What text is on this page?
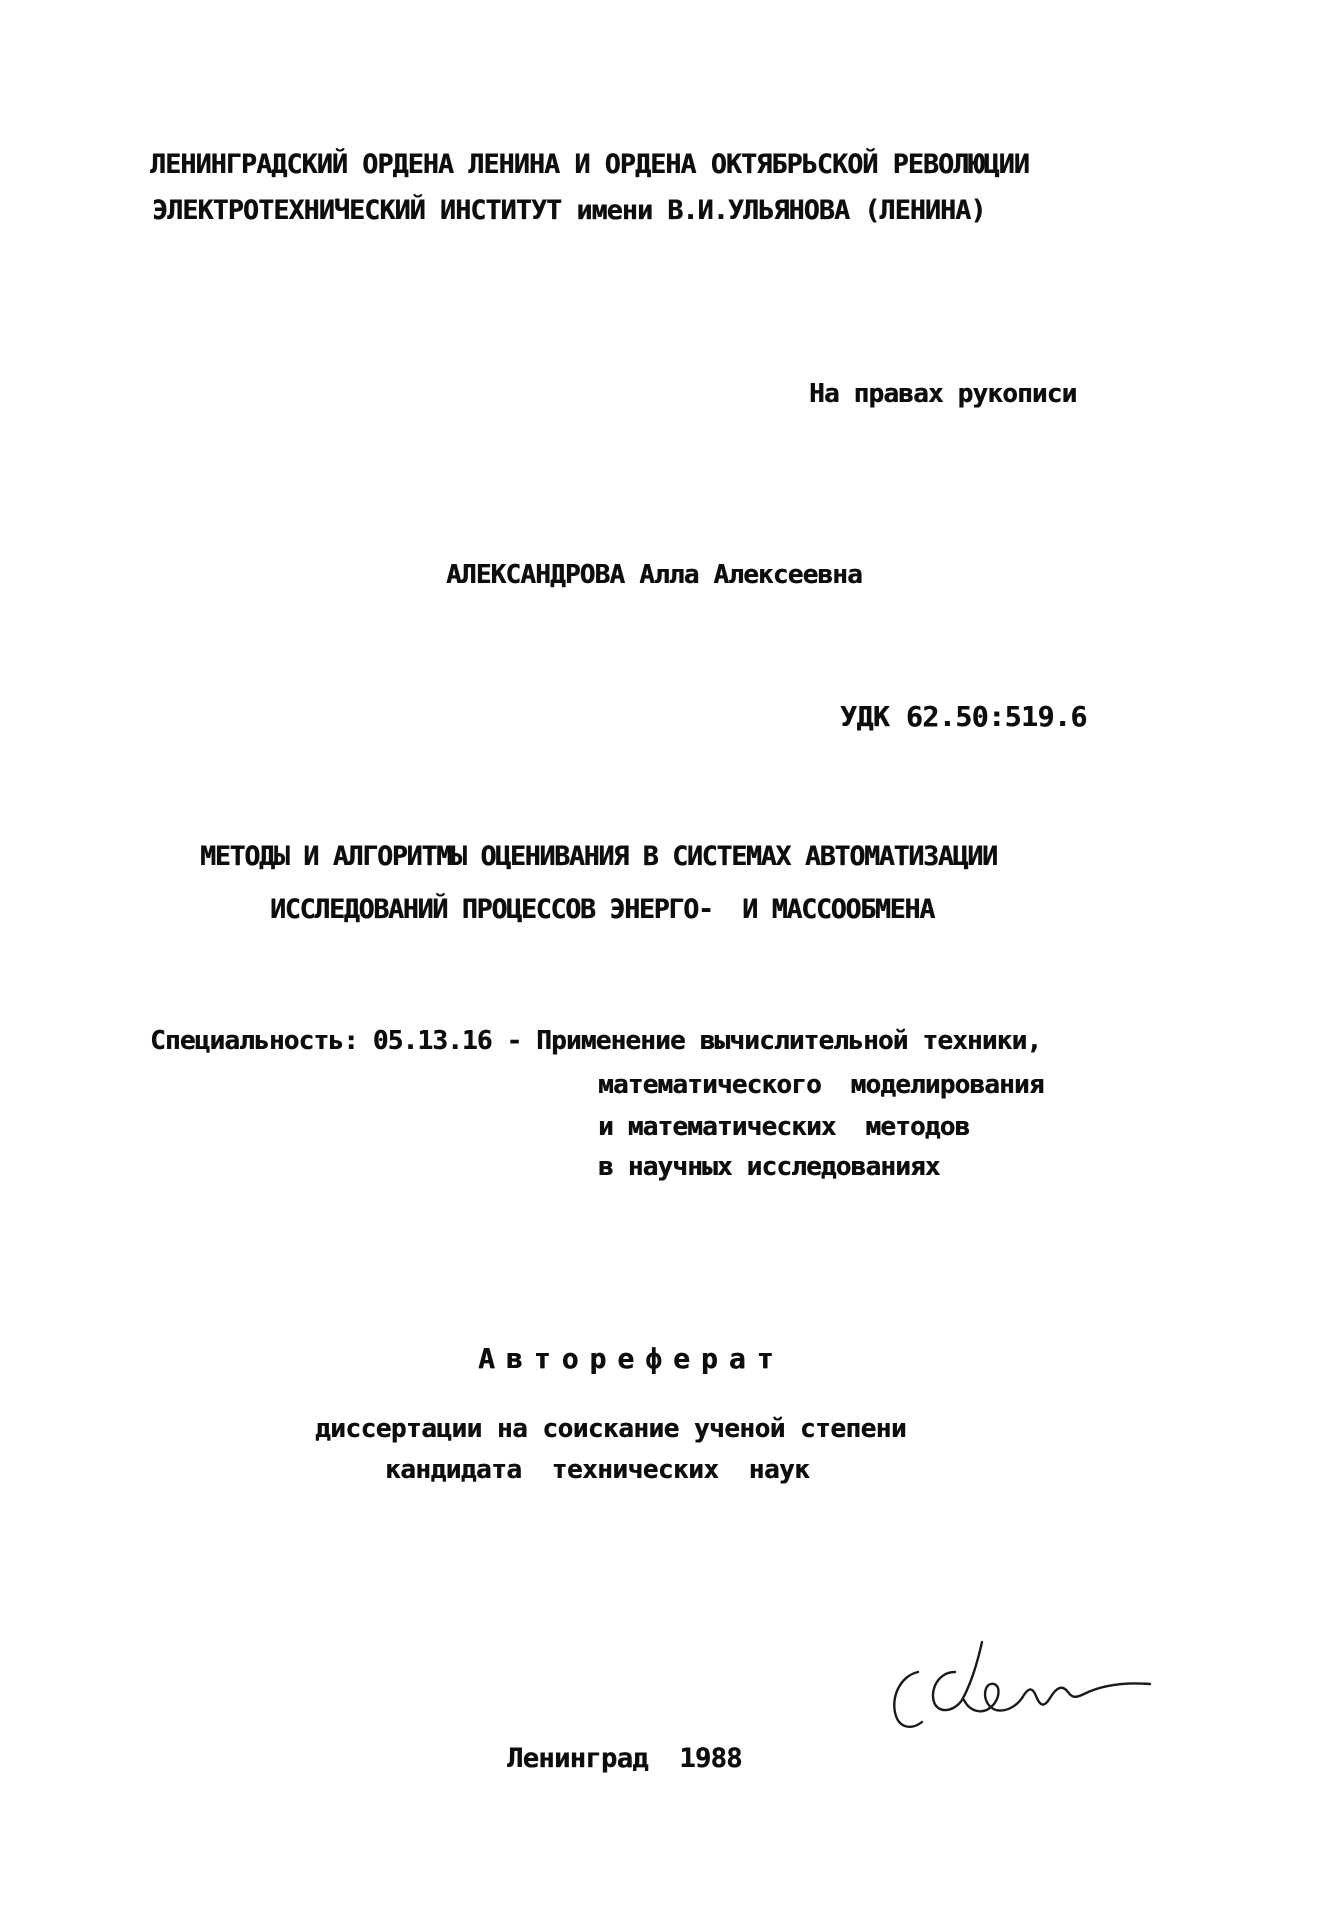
ЛЕНИНГРАДСКИЙ ОРДЕНА ЛЕНИНА И ОРДЕНА ОКТЯБРЬСКОЙ РЕВОЛЮЦИИ
ЭЛЕКТРОТЕХНИЧЕСКИЙ ИНСТИТУТ имени В.И.УЛЬЯНОВА (ЛЕНИНА)
На правах рукописи
АЛЕКСАНДРОВА Алла Алексеевна
УДК 62.50:519.6
МЕТОДЫ И АЛГОРИТМЫ ОЦЕНИВАНИЯ В СИСТЕМАХ АВТОМАТИЗАЦИИ
ИССЛЕДОВАНИЙ ПРОЦЕССОВ ЭНЕРГО-  И МАССООБМЕНА
Специальность: 05.13.16 - Применение вычислительной техники,
математического  моделирования
и математических  методов
в научных исследованиях
Автореферат
диссертации на соискание ученой степени
кандидата  технических  наук
Ленинград  1988
